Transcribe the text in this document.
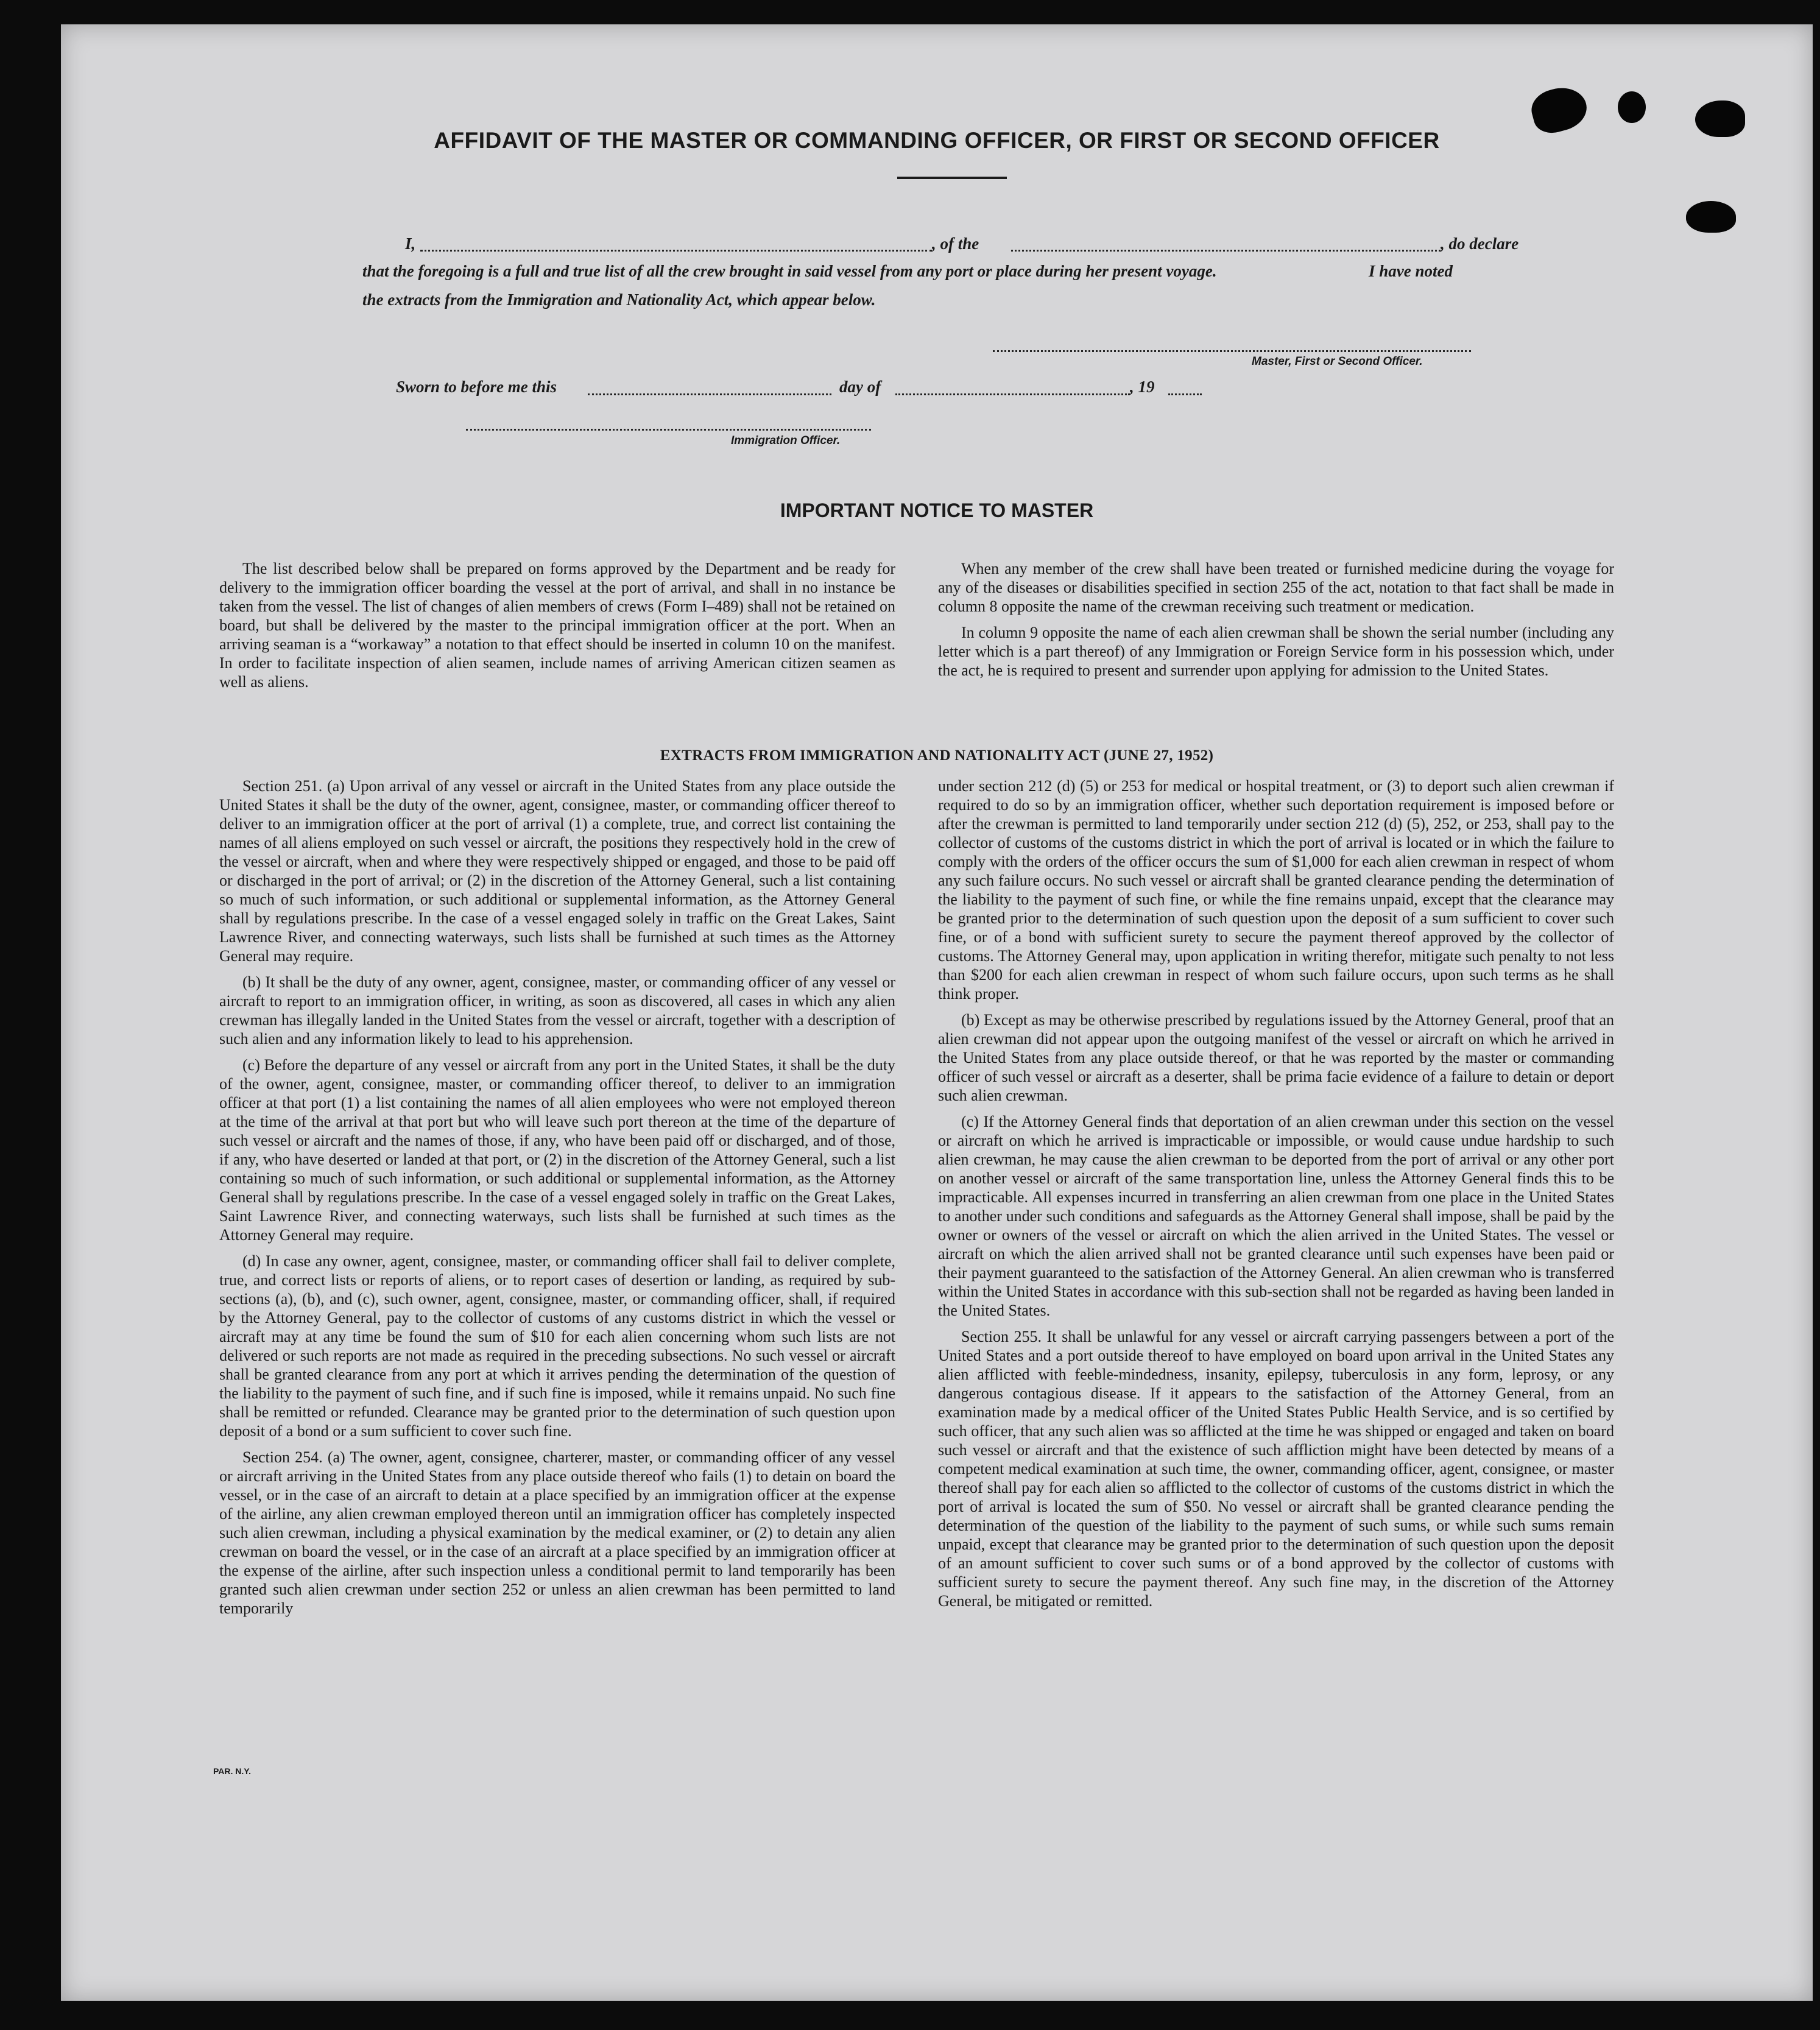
AFFIDAVIT OF THE MASTER OR COMMANDING OFFICER, OR FIRST OR SECOND OFFICER
I,	, of the	, do declare
that the foregoing is a full and true list of all the crew brought in said vessel from any port or place during her present voyage.	I have noted
the extracts from the Immigration and Nationality Act, which appear below.
Master, First or Second Officer.
Sworn to before me this	day of	, 19
Immigration Officer.
IMPORTANT NOTICE TO MASTER

The list described below shall be prepared on forms approved by the Department and be ready for delivery to the immigration officer boarding the vessel at the port of arrival, and shall in no instance be taken from the vessel. The list of changes of alien members of crews (Form I–489) shall not be retained on board, but shall be delivered by the master to the principal immigration officer at the port. When an arriving seaman is a “workaway” a notation to that effect should be inserted in column 10 on the manifest. In order to facilitate inspection of alien seamen, include names of arriving American citizen seamen as well as aliens.

When any member of the crew shall have been treated or furnished medicine during the voyage for any of the diseases or disabilities specified in section 255 of the act, notation to that fact shall be made in column 8 opposite the name of the crewman receiving such treatment or medication.

In column 9 opposite the name of each alien crewman shall be shown the serial number (including any letter which is a part thereof) of any Immigration or Foreign Service form in his possession which, under the act, he is required to present and surrender upon applying for admission to the United States.

EXTRACTS FROM IMMIGRATION AND NATIONALITY ACT (JUNE 27, 1952)

Section 251. (a) Upon arrival of any vessel or aircraft in the United States from any place outside the United States it shall be the duty of the owner, agent, consignee, master, or commanding officer thereof to deliver to an immigration officer at the port of arrival (1) a complete, true, and correct list containing the names of all aliens employed on such vessel or aircraft, the positions they respectively hold in the crew of the vessel or aircraft, when and where they were respectively shipped or engaged, and those to be paid off or discharged in the port of arrival; or (2) in the discretion of the Attorney General, such a list containing so much of such information, or such additional or supplemental information, as the Attorney General shall by regulations prescribe. In the case of a vessel engaged solely in traffic on the Great Lakes, Saint Lawrence River, and connecting waterways, such lists shall be furnished at such times as the Attorney General may require.

(b) It shall be the duty of any owner, agent, consignee, master, or commanding officer of any vessel or aircraft to report to an immigration officer, in writing, as soon as discovered, all cases in which any alien crewman has illegally landed in the United States from the vessel or aircraft, together with a description of such alien and any information likely to lead to his apprehension.

(c) Before the departure of any vessel or aircraft from any port in the United States, it shall be the duty of the owner, agent, consignee, master, or commanding officer thereof, to deliver to an immigration officer at that port (1) a list containing the names of all alien employees who were not employed thereon at the time of the arrival at that port but who will leave such port thereon at the time of the departure of such vessel or aircraft and the names of those, if any, who have been paid off or discharged, and of those, if any, who have deserted or landed at that port, or (2) in the discretion of the Attorney General, such a list containing so much of such information, or such additional or supplemental information, as the Attorney General shall by regulations prescribe. In the case of a vessel engaged solely in traffic on the Great Lakes, Saint Lawrence River, and connecting waterways, such lists shall be furnished at such times as the Attorney General may require.

(d) In case any owner, agent, consignee, master, or commanding officer shall fail to deliver complete, true, and correct lists or reports of aliens, or to report cases of desertion or landing, as required by sub-sections (a), (b), and (c), such owner, agent, consignee, master, or commanding officer, shall, if required by the Attorney General, pay to the collector of customs of any customs district in which the vessel or aircraft may at any time be found the sum of $10 for each alien concerning whom such lists are not delivered or such reports are not made as required in the preceding subsections. No such vessel or aircraft shall be granted clearance from any port at which it arrives pending the determination of the question of the liability to the payment of such fine, and if such fine is imposed, while it remains unpaid. No such fine shall be remitted or refunded. Clearance may be granted prior to the determination of such question upon deposit of a bond or a sum sufficient to cover such fine.

Section 254. (a) The owner, agent, consignee, charterer, master, or commanding officer of any vessel or aircraft arriving in the United States from any place outside thereof who fails (1) to detain on board the vessel, or in the case of an aircraft to detain at a place specified by an immigration officer at the expense of the airline, any alien crewman employed thereon until an immigration officer has completely inspected such alien crewman, including a physical examination by the medical examiner, or (2) to detain any alien crewman on board the vessel, or in the case of an aircraft at a place specified by an immigration officer at the expense of the airline, after such inspection unless a conditional permit to land temporarily has been granted such alien crewman under section 252 or unless an alien crewman has been permitted to land temporarily

under section 212 (d) (5) or 253 for medical or hospital treatment, or (3) to deport such alien crewman if required to do so by an immigration officer, whether such deportation requirement is imposed before or after the crewman is permitted to land temporarily under section 212 (d) (5), 252, or 253, shall pay to the collector of customs of the customs district in which the port of arrival is located or in which the failure to comply with the orders of the officer occurs the sum of $1,000 for each alien crewman in respect of whom any such failure occurs. No such vessel or aircraft shall be granted clearance pending the determination of the liability to the payment of such fine, or while the fine remains unpaid, except that the clearance may be granted prior to the determination of such question upon the deposit of a sum sufficient to cover such fine, or of a bond with sufficient surety to secure the payment thereof approved by the collector of customs. The Attorney General may, upon application in writing therefor, mitigate such penalty to not less than $200 for each alien crewman in respect of whom such failure occurs, upon such terms as he shall think proper.

(b) Except as may be otherwise prescribed by regulations issued by the Attorney General, proof that an alien crewman did not appear upon the outgoing manifest of the vessel or aircraft on which he arrived in the United States from any place outside thereof, or that he was reported by the master or commanding officer of such vessel or aircraft as a deserter, shall be prima facie evidence of a failure to detain or deport such alien crewman.

(c) If the Attorney General finds that deportation of an alien crewman under this section on the vessel or aircraft on which he arrived is impracticable or impossible, or would cause undue hardship to such alien crewman, he may cause the alien crewman to be deported from the port of arrival or any other port on another vessel or aircraft of the same transportation line, unless the Attorney General finds this to be impracticable. All expenses incurred in transferring an alien crewman from one place in the United States to another under such conditions and safeguards as the Attorney General shall impose, shall be paid by the owner or owners of the vessel or aircraft on which the alien arrived in the United States. The vessel or aircraft on which the alien arrived shall not be granted clearance until such expenses have been paid or their payment guaranteed to the satisfaction of the Attorney General. An alien crewman who is transferred within the United States in accordance with this sub-section shall not be regarded as having been landed in the United States.

Section 255. It shall be unlawful for any vessel or aircraft carrying passengers between a port of the United States and a port outside thereof to have employed on board upon arrival in the United States any alien afflicted with feeble-mindedness, insanity, epilepsy, tuberculosis in any form, leprosy, or any dangerous contagious disease. If it appears to the satisfaction of the Attorney General, from an examination made by a medical officer of the United States Public Health Service, and is so certified by such officer, that any such alien was so afflicted at the time he was shipped or engaged and taken on board such vessel or aircraft and that the existence of such affliction might have been detected by means of a competent medical examination at such time, the owner, commanding officer, agent, consignee, or master thereof shall pay for each alien so afflicted to the collector of customs of the customs district in which the port of arrival is located the sum of $50. No vessel or aircraft shall be granted clearance pending the determination of the question of the liability to the payment of such sums, or while such sums remain unpaid, except that clearance may be granted prior to the determination of such question upon the deposit of an amount sufficient to cover such sums or of a bond approved by the collector of customs with sufficient surety to secure the payment thereof. Any such fine may, in the discretion of the Attorney General, be mitigated or remitted.

PAR. N.Y.
